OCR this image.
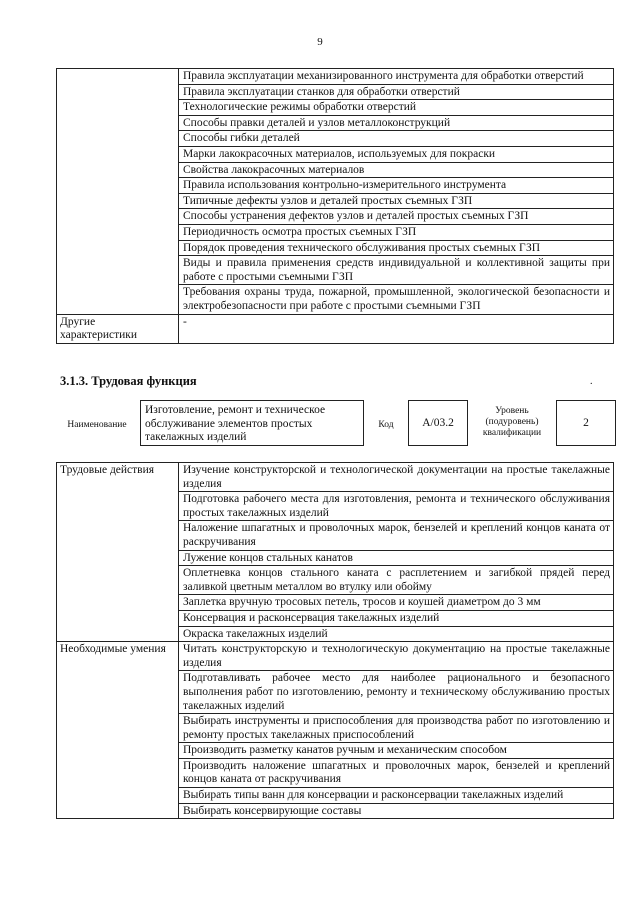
9
	Правила эксплуатации механизированного инструмента для обработки отверстий
	Правила эксплуатации станков для обработки отверстий
	Технологические режимы обработки отверстий
	Способы правки деталей и узлов металлоконструкций
	Способы гибки деталей
	Марки лакокрасочных материалов, используемых для покраски
	Свойства лакокрасочных материалов
	Правила использования контрольно-измерительного инструмента
	Типичные дефекты узлов и деталей простых съемных ГЗП
	Способы устранения дефектов узлов и деталей простых съемных ГЗП
	Периодичность осмотра простых съемных ГЗП
	Порядок проведения технического обслуживания простых съемных ГЗП
	Виды и правила применения средств индивидуальной и коллективной защиты при работе с простыми съемными ГЗП
	Требования охраны труда, пожарной, промышленной, экологической безопасности и электробезопасности при работе с простыми съемными ГЗП
Другие характеристики	-
3.1.3. Трудовая функция	.
Наименование
Изготовление, ремонт и техническое обслуживание элементов простых такелажных изделий
Код	A/03.2
Уровень (подуровень) квалификации
2
Трудовые действия	Изучение конструкторской и технологической документации на простые такелажные изделия
	Подготовка рабочего места для изготовления, ремонта и технического обслуживания простых такелажных изделий
	Наложение шпагатных и проволочных марок, бензелей и креплений концов каната от раскручивания
	Лужение концов стальных канатов
	Оплетневка концов стального каната с расплетением и загибкой прядей перед заливкой цветным металлом во втулку или обойму
	Заплетка вручную тросовых петель, тросов и коушей диаметром до 3 мм
	Консервация и расконсервация такелажных изделий
	Окраска такелажных изделий
Необходимые умения	Читать конструкторскую и технологическую документацию на простые такелажные изделия
	Подготавливать рабочее место для наиболее рационального и безопасного выполнения работ по изготовлению, ремонту и техническому обслуживанию простых такелажных изделий
	Выбирать инструменты и приспособления для производства работ по изготовлению и ремонту простых такелажных приспособлений
	Производить разметку канатов ручным и механическим способом
	Производить наложение шпагатных и проволочных марок, бензелей и креплений концов каната от раскручивания
	Выбирать типы ванн для консервации и расконсервации такелажных изделий
	Выбирать консервирующие составы
